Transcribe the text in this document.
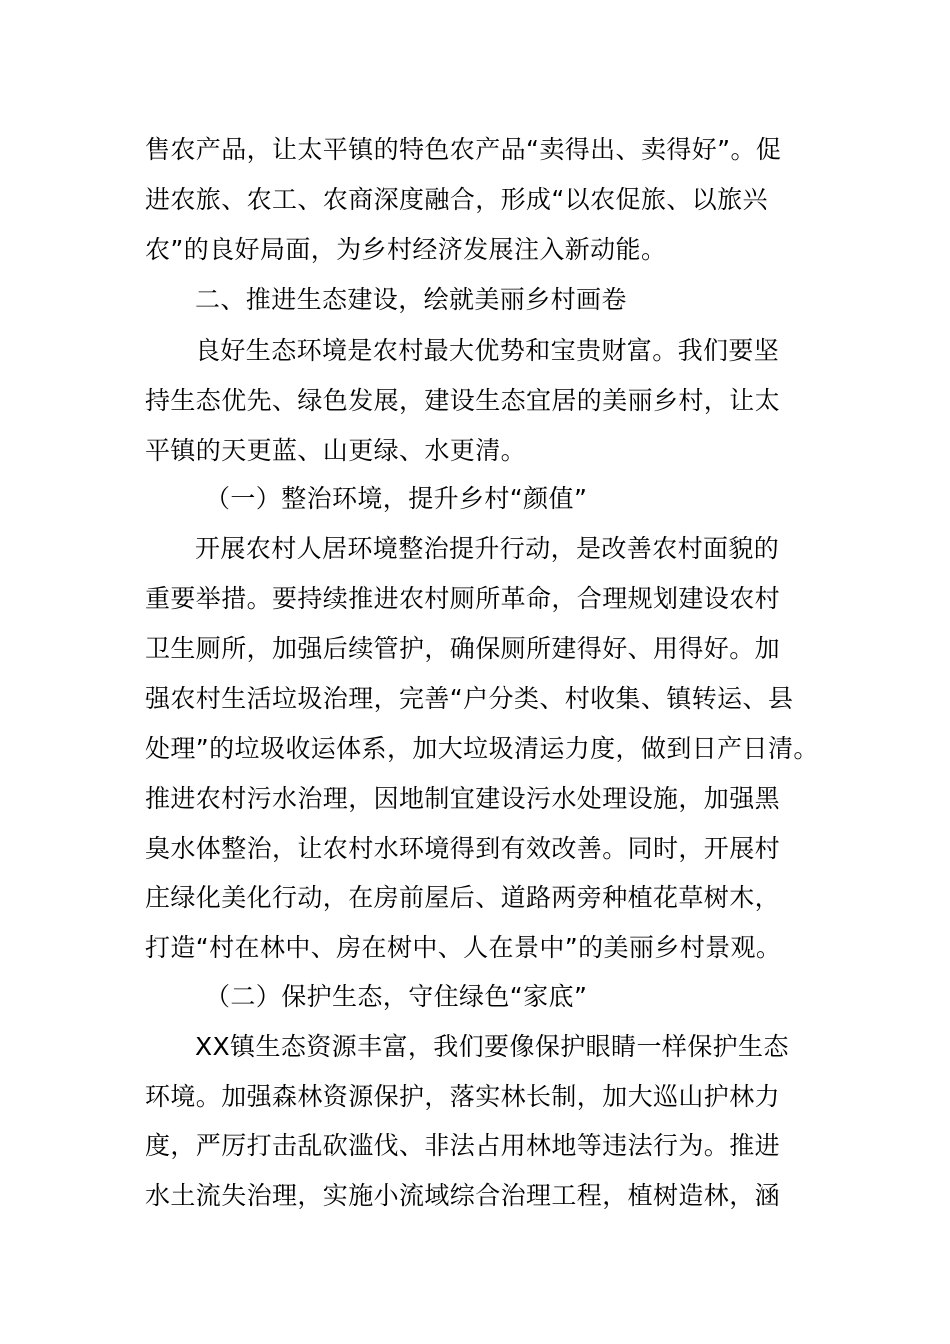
售农产品，让太平镇的特色农产品“卖得出、卖得好”。促
进农旅、农工、农商深度融合，形成“以农促旅、以旅兴
农”的良好局面，为乡村经济发展注入新动能。
二、推进生态建设，绘就美丽乡村画卷
良好生态环境是农村最大优势和宝贵财富。我们要坚
持生态优先、绿色发展，建设生态宜居的美丽乡村，让太
平镇的天更蓝、山更绿、水更清。
（一）整治环境，提升乡村“颜值”
开展农村人居环境整治提升行动，是改善农村面貌的
重要举措。要持续推进农村厕所革命，合理规划建设农村
卫生厕所，加强后续管护，确保厕所建得好、用得好。加
强农村生活垃圾治理，完善“户分类、村收集、镇转运、县
处理”的垃圾收运体系，加大垃圾清运力度，做到日产日清。
推进农村污水治理，因地制宜建设污水处理设施，加强黑
臭水体整治，让农村水环境得到有效改善。同时，开展村
庄绿化美化行动，在房前屋后、道路两旁种植花草树木，
打造“村在林中、房在树中、人在景中”的美丽乡村景观。
（二）保护生态，守住绿色“家底”
XX镇生态资源丰富，我们要像保护眼睛一样保护生态
环境。加强森林资源保护，落实林长制，加大巡山护林力
度，严厉打击乱砍滥伐、非法占用林地等违法行为。推进
水土流失治理，实施小流域综合治理工程，植树造林，涵
